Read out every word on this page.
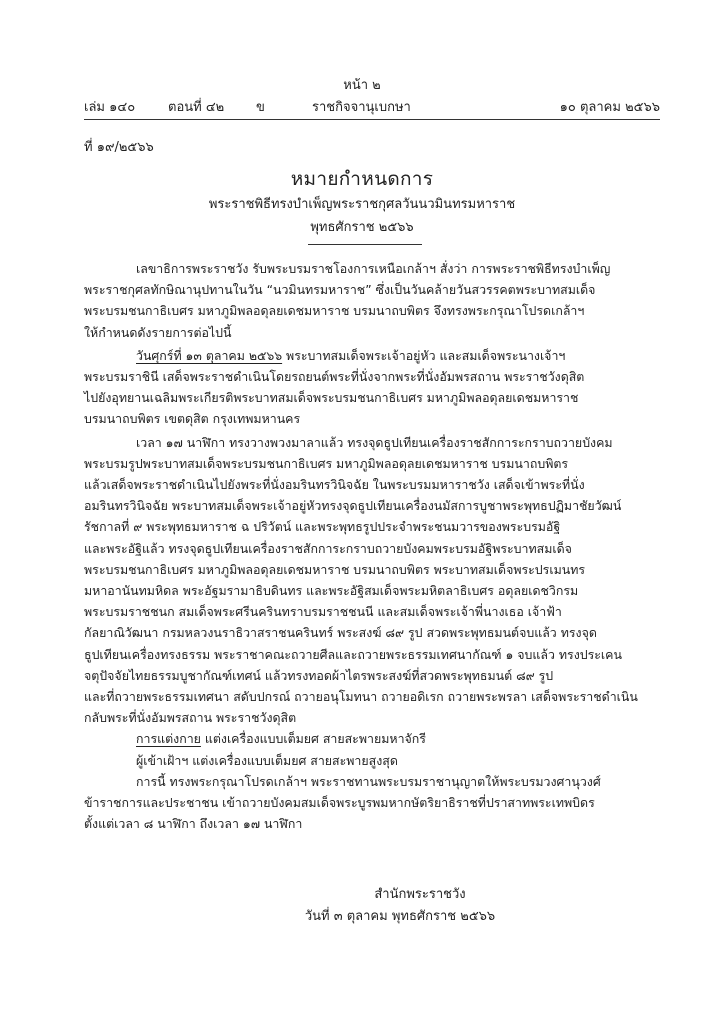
หน้า ๒
เล่ม ๑๔๐	ตอนที่ ๔๒ ข	ราชกิจจานุเบกษา	๑๐ ตุลาคม ๒๕๖๖
ที่ ๑๙/๒๕๖๖
หมายกำหนดการ
พระราชพิธีทรงบำเพ็ญพระราชกุศลวันนวมินทรมหาราช
พุทธศักราช ๒๕๖๖
เลขาธิการพระราชวัง รับพระบรมราชโองการเหนือเกล้าฯ สั่งว่า การพระราชพิธีทรงบำเพ็ญ
พระราชกุศลทักษิณานุปทานในวัน “นวมินทรมหาราช” ซึ่งเป็นวันคล้ายวันสวรรคตพระบาทสมเด็จ
พระบรมชนกาธิเบศร มหาภูมิพลอดุลยเดชมหาราช บรมนาถบพิตร จึงทรงพระกรุณาโปรดเกล้าฯ
ให้กำหนดดังรายการต่อไปนี้
วันศุกร์ที่ ๑๓ ตุลาคม ๒๕๖๖ พระบาทสมเด็จพระเจ้าอยู่หัว และสมเด็จพระนางเจ้าฯ
พระบรมราชินี เสด็จพระราชดำเนินโดยรถยนต์พระที่นั่งจากพระที่นั่งอัมพรสถาน พระราชวังดุสิต
ไปยังอุทยานเฉลิมพระเกียรติพระบาทสมเด็จพระบรมชนกาธิเบศร มหาภูมิพลอดุลยเดชมหาราช
บรมนาถบพิตร เขตดุสิต กรุงเทพมหานคร
เวลา ๑๗ นาฬิกา ทรงวางพวงมาลาแล้ว ทรงจุดธูปเทียนเครื่องราชสักการะกราบถวายบังคม
พระบรมรูปพระบาทสมเด็จพระบรมชนกาธิเบศร มหาภูมิพลอดุลยเดชมหาราช บรมนาถบพิตร
แล้วเสด็จพระราชดำเนินไปยังพระที่นั่งอมรินทรวินิจฉัย ในพระบรมมหาราชวัง เสด็จเข้าพระที่นั่ง
อมรินทรวินิจฉัย พระบาทสมเด็จพระเจ้าอยู่หัวทรงจุดธูปเทียนเครื่องนมัสการบูชาพระพุทธปฏิมาชัยวัฒน์
รัชกาลที่ ๙ พระพุทธมหาราช ฉ ปริวัตน์ และพระพุทธรูปประจำพระชนมวารของพระบรมอัฐิ
และพระอัฐิแล้ว ทรงจุดธูปเทียนเครื่องราชสักการะกราบถวายบังคมพระบรมอัฐิพระบาทสมเด็จ
พระบรมชนกาธิเบศร มหาภูมิพลอดุลยเดชมหาราช บรมนาถบพิตร พระบาทสมเด็จพระปรเมนทร
มหาอานันทมหิดล พระอัฐมรามาธิบดินทร และพระอัฐิสมเด็จพระมหิตลาธิเบศร อดุลยเดชวิกรม
พระบรมราชชนก สมเด็จพระศรีนครินทราบรมราชชนนี และสมเด็จพระเจ้าพี่นางเธอ เจ้าฟ้า
กัลยาณิวัฒนา กรมหลวงนราธิวาสราชนครินทร์ พระสงฆ์ ๘๙ รูป สวดพระพุทธมนต์จบแล้ว ทรงจุด
ธูปเทียนเครื่องทรงธรรม พระราชาคณะถวายศีลและถวายพระธรรมเทศนากัณฑ์ ๑ จบแล้ว ทรงประเคน
จตุปัจจัยไทยธรรมบูชากัณฑ์เทศน์ แล้วทรงทอดผ้าไตรพระสงฆ์ที่สวดพระพุทธมนต์ ๘๙ รูป
และที่ถวายพระธรรมเทศนา สดับปกรณ์ ถวายอนุโมทนา ถวายอดิเรก ถวายพระพรลา เสด็จพระราชดำเนิน
กลับพระที่นั่งอัมพรสถาน พระราชวังดุสิต
การแต่งกาย แต่งเครื่องแบบเต็มยศ สายสะพายมหาจักรี
ผู้เข้าเฝ้าฯ แต่งเครื่องแบบเต็มยศ สายสะพายสูงสุด
การนี้ ทรงพระกรุณาโปรดเกล้าฯ พระราชทานพระบรมราชานุญาตให้พระบรมวงศานุวงศ์
ข้าราชการและประชาชน เข้าถวายบังคมสมเด็จพระบูรพมหากษัตริยาธิราชที่ปราสาทพระเทพบิดร
ตั้งแต่เวลา ๘ นาฬิกา ถึงเวลา ๑๗ นาฬิกา
สำนักพระราชวัง
วันที่ ๓ ตุลาคม พุทธศักราช ๒๕๖๖
